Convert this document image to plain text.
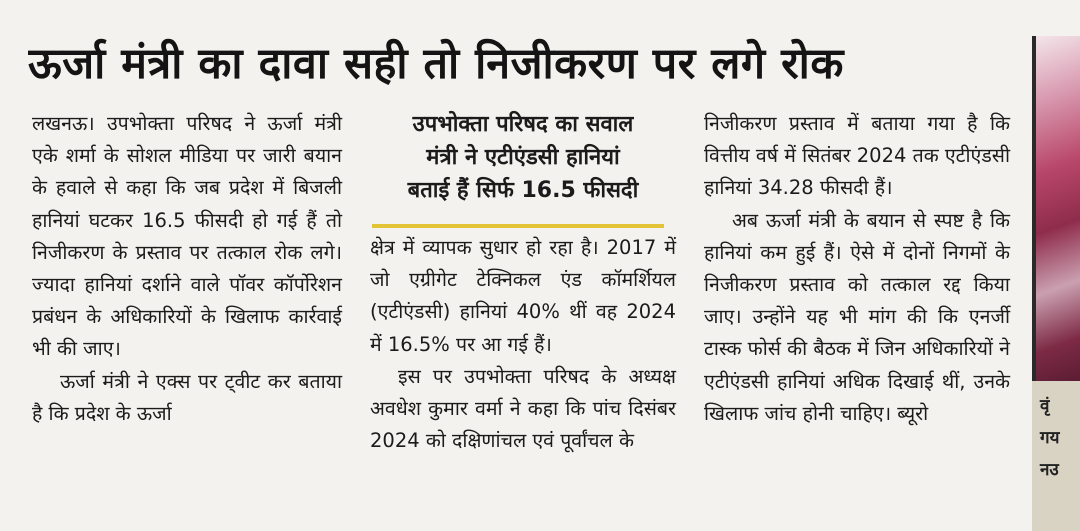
ऊर्जा मंत्री का दावा सही तो निजीकरण पर लगे रोक

लखनऊ। उपभोक्ता परिषद ने ऊर्जा मंत्री एके शर्मा के सोशल मीडिया पर जारी बयान के हवाले से कहा कि जब प्रदेश में बिजली हानियां घटकर 16.5 फीसदी हो गई हैं तो निजीकरण के प्रस्ताव पर तत्काल रोक लगे। ज्यादा हानियां दर्शाने वाले पॉवर कॉर्पोरेशन प्रबंधन के अधिकारियों के खिलाफ कार्रवाई भी की जाए।

ऊर्जा मंत्री ने एक्स पर ट्वीट कर बताया है कि प्रदेश के ऊर्जा

उपभोक्ता परिषद का सवाल
मंत्री ने एटीएंडसी हानियां
बताई हैं सिर्फ 16.5 फीसदी

क्षेत्र में व्यापक सुधार हो रहा है। 2017 में जो एग्रीगेट टेक्निकल एंड कॉमर्शियल (एटीएंडसी) हानियां 40% थीं वह 2024 में 16.5% पर आ गई हैं।

इस पर उपभोक्ता परिषद के अध्यक्ष अवधेश कुमार वर्मा ने कहा कि पांच दिसंबर 2024 को दक्षिणांचल एवं पूर्वांचल के

निजीकरण प्रस्ताव में बताया गया है कि वित्तीय वर्ष में सितंबर 2024 तक एटीएंडसी हानियां 34.28 फीसदी हैं।

अब ऊर्जा मंत्री के बयान से स्पष्ट है कि हानियां कम हुई हैं। ऐसे में दोनों निगमों के निजीकरण प्रस्ताव को तत्काल रद्द किया जाए। उन्होंने यह भी मांग की कि एनर्जी टास्क फोर्स की बैठक में जिन अधिकारियों ने एटीएंडसी हानियां अधिक दिखाई थीं, उनके खिलाफ जांच होनी चाहिए। ब्यूरो	वृं
गय
नउ
